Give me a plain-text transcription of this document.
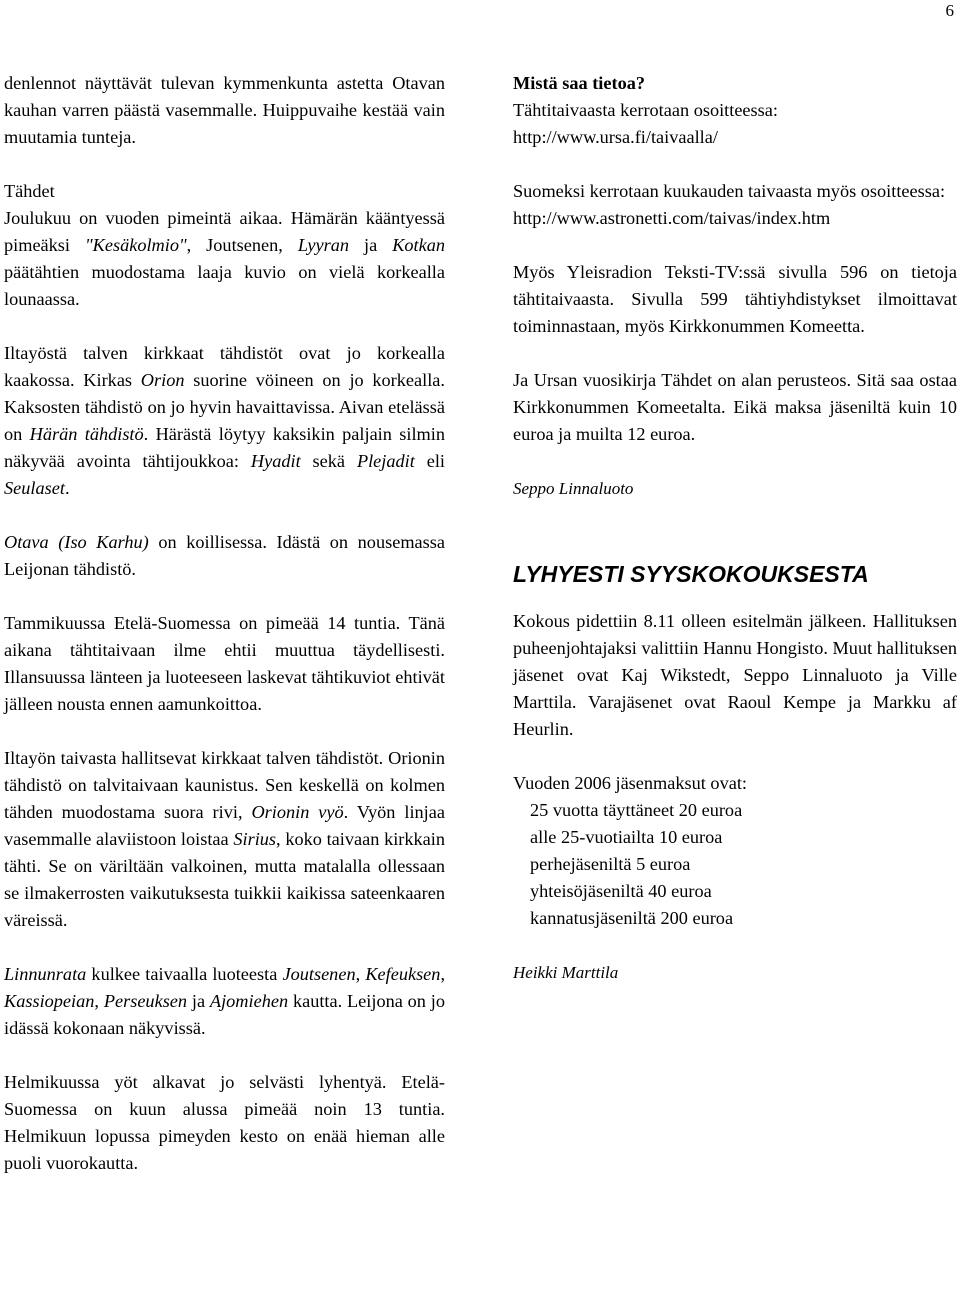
6

denlennot näyttävät tulevan kymmenkunta astetta Otavan kauhan varren päästä vasemmalle. Huippuvaihe kestää vain muutamia tunteja.

Tähdet

Joulukuu on vuoden pimeintä aikaa. Hämärän kääntyessä pimeäksi "Kesäkolmio", Joutsenen, Lyyran ja Kotkan päätähtien muodostama laaja kuvio on vielä korkealla lounaassa.

Iltayöstä talven kirkkaat tähdistöt ovat jo korkealla kaakossa. Kirkas Orion suorine vöineen on jo korkealla. Kaksosten tähdistö on jo hyvin havaittavissa. Aivan etelässä on Härän tähdistö. Härästä löytyy kaksikin paljain silmin näkyvää avointa tähtijoukkoa: Hyadit sekä Plejadit eli Seulaset.

Otava (Iso Karhu) on koillisessa. Idästä on nousemassa Leijonan tähdistö.

Tammikuussa Etelä-Suomessa on pimeää 14 tuntia. Tänä aikana tähtitaivaan ilme ehtii muuttua täydellisesti. Illansuussa länteen ja luoteeseen laskevat tähtikuviot ehtivät jälleen nousta ennen aamunkoittoa.

Iltayön taivasta hallitsevat kirkkaat talven tähdistöt. Orionin tähdistö on talvitaivaan kaunistus. Sen keskellä on kolmen tähden muodostama suora rivi, Orionin vyö. Vyön linjaa vasemmalle alaviistoon loistaa Sirius, koko taivaan kirkkain tähti. Se on väriltään valkoinen, mutta matalalla ollessaan se ilmakerrosten vaikutuksesta tuikkii kaikissa sateenkaaren väreissä.

Linnunrata kulkee taivaalla luoteesta Joutsenen, Kefeuksen, Kassiopeian, Perseuksen ja Ajomiehen kautta. Leijona on jo idässä kokonaan näkyvissä.

Helmikuussa yöt alkavat jo selvästi lyhentyä. Etelä-Suomessa on kuun alussa pimeää noin 13 tuntia. Helmikuun lopussa pimeyden kesto on enää hieman alle puoli vuorokautta.

Mistä saa tietoa?

Tähtitaivaasta kerrotaan osoitteessa:

http://www.ursa.fi/taivaalla/

Suomeksi kerrotaan kuukauden taivaasta myös osoitteessa:

http://www.astronetti.com/taivas/index.htm

Myös Yleisradion Teksti-TV:ssä sivulla 596 on tietoja tähtitaivaasta. Sivulla 599 tähtiyhdistykset ilmoittavat toiminnastaan, myös Kirkkonummen Komeetta.

Ja Ursan vuosikirja Tähdet on alan perusteos. Sitä saa ostaa Kirkkonummen Komeetalta. Eikä maksa jäseniltä kuin 10 euroa ja muilta 12 euroa.

Seppo Linnaluoto

LYHYESTI SYYSKOKOUKSESTA

Kokous pidettiin 8.11 olleen esitelmän jälkeen. Hallituksen puheenjohtajaksi valittiin Hannu Hongisto. Muut hallituksen jäsenet ovat Kaj Wikstedt, Seppo Linnaluoto ja Ville Marttila. Varajäsenet ovat Raoul Kempe ja Markku af Heurlin.

Vuoden 2006 jäsenmaksut ovat:

25 vuotta täyttäneet 20 euroa
alle 25-vuotiailta 10 euroa
perhejäseniltä 5 euroa
yhteisöjäseniltä 40 euroa
kannatusjäseniltä 200 euroa

Heikki Marttila
